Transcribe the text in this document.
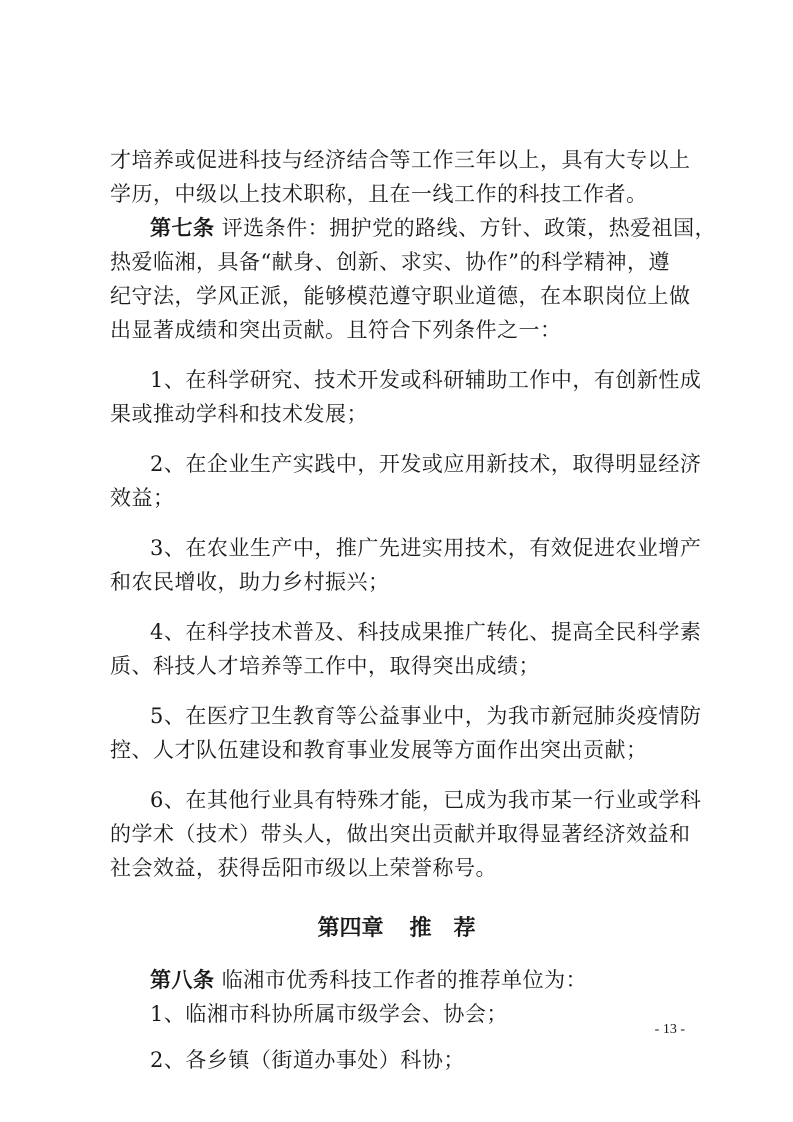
才培养或促进科技与经济结合等工作三年以上，具有大专以上
学历，中级以上技术职称，且在一线工作的科技工作者。
第七条 评选条件：拥护党的路线、方针、政策，热爱祖国，
热爱临湘，具备“献身、创新、求实、协作”的科学精神，遵
纪守法，学风正派，能够模范遵守职业道德，在本职岗位上做
出显著成绩和突出贡献。且符合下列条件之一：
1、在科学研究、技术开发或科研辅助工作中，有创新性成
果或推动学科和技术发展；
2、在企业生产实践中，开发或应用新技术，取得明显经济
效益；
3、在农业生产中，推广先进实用技术，有效促进农业增产
和农民增收，助力乡村振兴；
4、在科学技术普及、科技成果推广转化、提高全民科学素
质、科技人才培养等工作中，取得突出成绩；
5、在医疗卫生教育等公益事业中，为我市新冠肺炎疫情防
控、人才队伍建设和教育事业发展等方面作出突出贡献；
6、在其他行业具有特殊才能，已成为我市某一行业或学科
的学术（技术）带头人，做出突出贡献并取得显著经济效益和
社会效益，获得岳阳市级以上荣誉称号。
第四章 推　荐
第八条 临湘市优秀科技工作者的推荐单位为：
1、临湘市科协所属市级学会、协会；
2、各乡镇（街道办事处）科协；
- 13 -
